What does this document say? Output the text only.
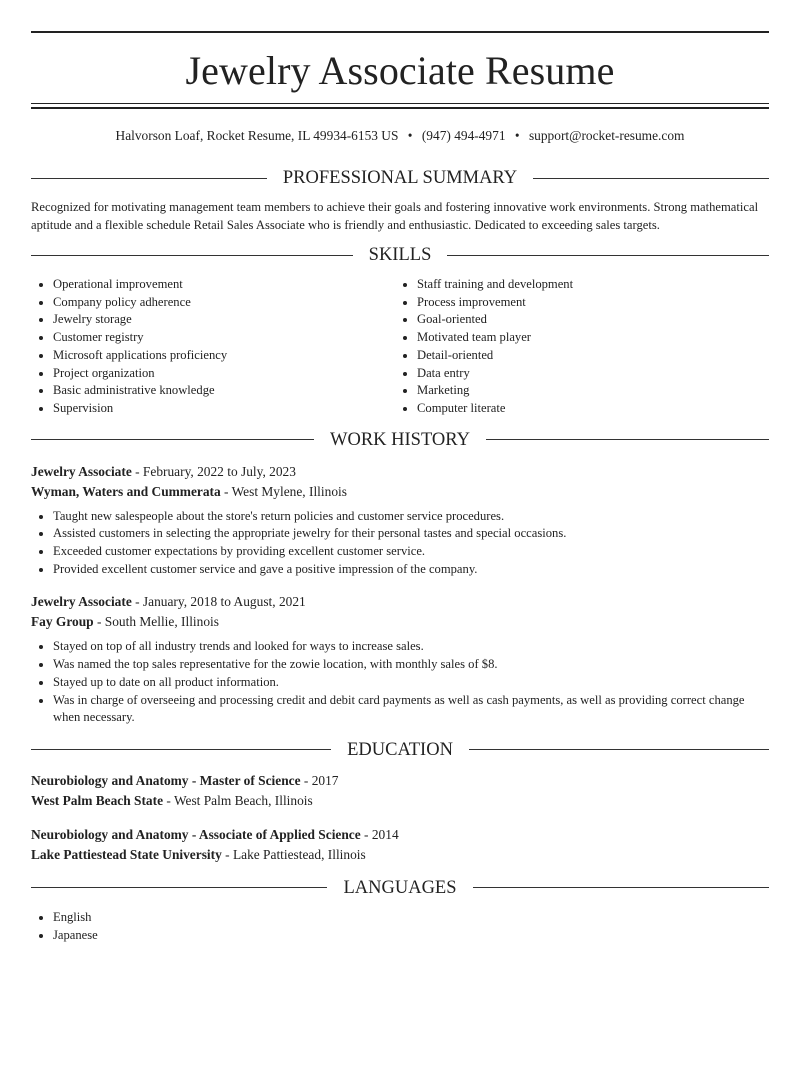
Jewelry Associate Resume
Halvorson Loaf, Rocket Resume, IL 49934-6153 US • (947) 494-4971 • support@rocket-resume.com
PROFESSIONAL SUMMARY

Recognized for motivating management team members to achieve their goals and fostering innovative work environments. Strong mathematical aptitude and a flexible schedule Retail Sales Associate who is friendly and enthusiastic. Dedicated to exceeding sales targets.

SKILLS
• Operational improvement
• Company policy adherence
• Jewelry storage
• Customer registry
• Microsoft applications proficiency
• Project organization
• Basic administrative knowledge
• Supervision
• Staff training and development
• Process improvement
• Goal-oriented
• Motivated team player
• Detail-oriented
• Data entry
• Marketing
• Computer literate
WORK HISTORY
Jewelry Associate - February, 2022 to July, 2023
Wyman, Waters and Cummerata - West Mylene, Illinois
• Taught new salespeople about the store's return policies and customer service procedures.
• Assisted customers in selecting the appropriate jewelry for their personal tastes and special occasions.
• Exceeded customer expectations by providing excellent customer service.
• Provided excellent customer service and gave a positive impression of the company.
Jewelry Associate - January, 2018 to August, 2021
Fay Group - South Mellie, Illinois
• Stayed on top of all industry trends and looked for ways to increase sales.
• Was named the top sales representative for the zowie location, with monthly sales of $8.
• Stayed up to date on all product information.
• Was in charge of overseeing and processing credit and debit card payments as well as cash payments, as well as providing correct change when necessary.
EDUCATION
Neurobiology and Anatomy - Master of Science - 2017
West Palm Beach State - West Palm Beach, Illinois
Neurobiology and Anatomy - Associate of Applied Science - 2014
Lake Pattiestead State University - Lake Pattiestead, Illinois
LANGUAGES
• English
• Japanese
